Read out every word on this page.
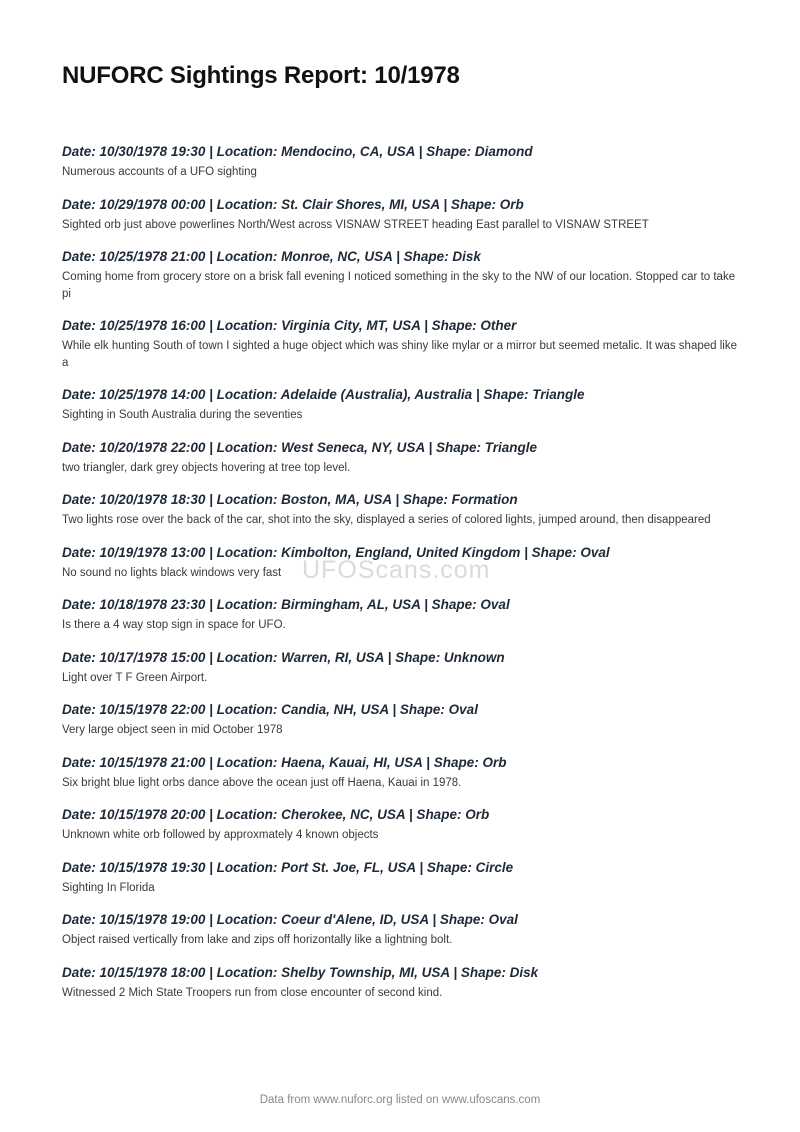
NUFORC Sightings Report: 10/1978
Date: 10/30/1978 19:30 | Location: Mendocino, CA, USA | Shape: Diamond

Numerous accounts of a UFO sighting

Date: 10/29/1978 00:00 | Location: St. Clair Shores, MI, USA | Shape: Orb

Sighted orb just above powerlines North/West across VISNAW STREET heading East parallel to VISNAW STREET

Date: 10/25/1978 21:00 | Location: Monroe, NC, USA | Shape: Disk

Coming home from grocery store on a brisk fall evening I noticed something in the sky to the NW of our location. Stopped car to take pi

Date: 10/25/1978 16:00 | Location: Virginia City, MT, USA | Shape: Other

While elk hunting South of town I sighted a huge object which was shiny like mylar or a mirror but seemed metalic. It was shaped like a

Date: 10/25/1978 14:00 | Location: Adelaide (Australia), Australia | Shape: Triangle

Sighting in South Australia during the seventies

Date: 10/20/1978 22:00 | Location: West Seneca, NY, USA | Shape: Triangle

two triangler, dark grey objects hovering at tree top level.

Date: 10/20/1978 18:30 | Location: Boston, MA, USA | Shape: Formation

Two lights rose over the back of the car, shot into the sky, displayed a series of colored lights, jumped around, then disappeared

Date: 10/19/1978 13:00 | Location: Kimbolton, England, United Kingdom | Shape: Oval

No sound no lights black windows very fast

Date: 10/18/1978 23:30 | Location: Birmingham, AL, USA | Shape: Oval

Is there a 4 way stop sign in space for UFO.

Date: 10/17/1978 15:00 | Location: Warren, RI, USA | Shape: Unknown

Light over T F Green Airport.

Date: 10/15/1978 22:00 | Location: Candia, NH, USA | Shape: Oval

Very large object seen in mid October 1978

Date: 10/15/1978 21:00 | Location: Haena, Kauai, HI, USA | Shape: Orb

Six bright blue light orbs dance above the ocean just off Haena, Kauai in 1978.

Date: 10/15/1978 20:00 | Location: Cherokee, NC, USA | Shape: Orb

Unknown white orb followed by approxmately 4 known objects

Date: 10/15/1978 19:30 | Location: Port St. Joe, FL, USA | Shape: Circle

Sighting In Florida

Date: 10/15/1978 19:00 | Location: Coeur d'Alene, ID, USA | Shape: Oval

Object raised vertically from lake and zips off horizontally like a lightning bolt.

Date: 10/15/1978 18:00 | Location: Shelby Township, MI, USA | Shape: Disk

Witnessed 2 Mich State Troopers run from close encounter of second kind.

UFOScans.com
Data from www.nuforc.org listed on www.ufoscans.com
